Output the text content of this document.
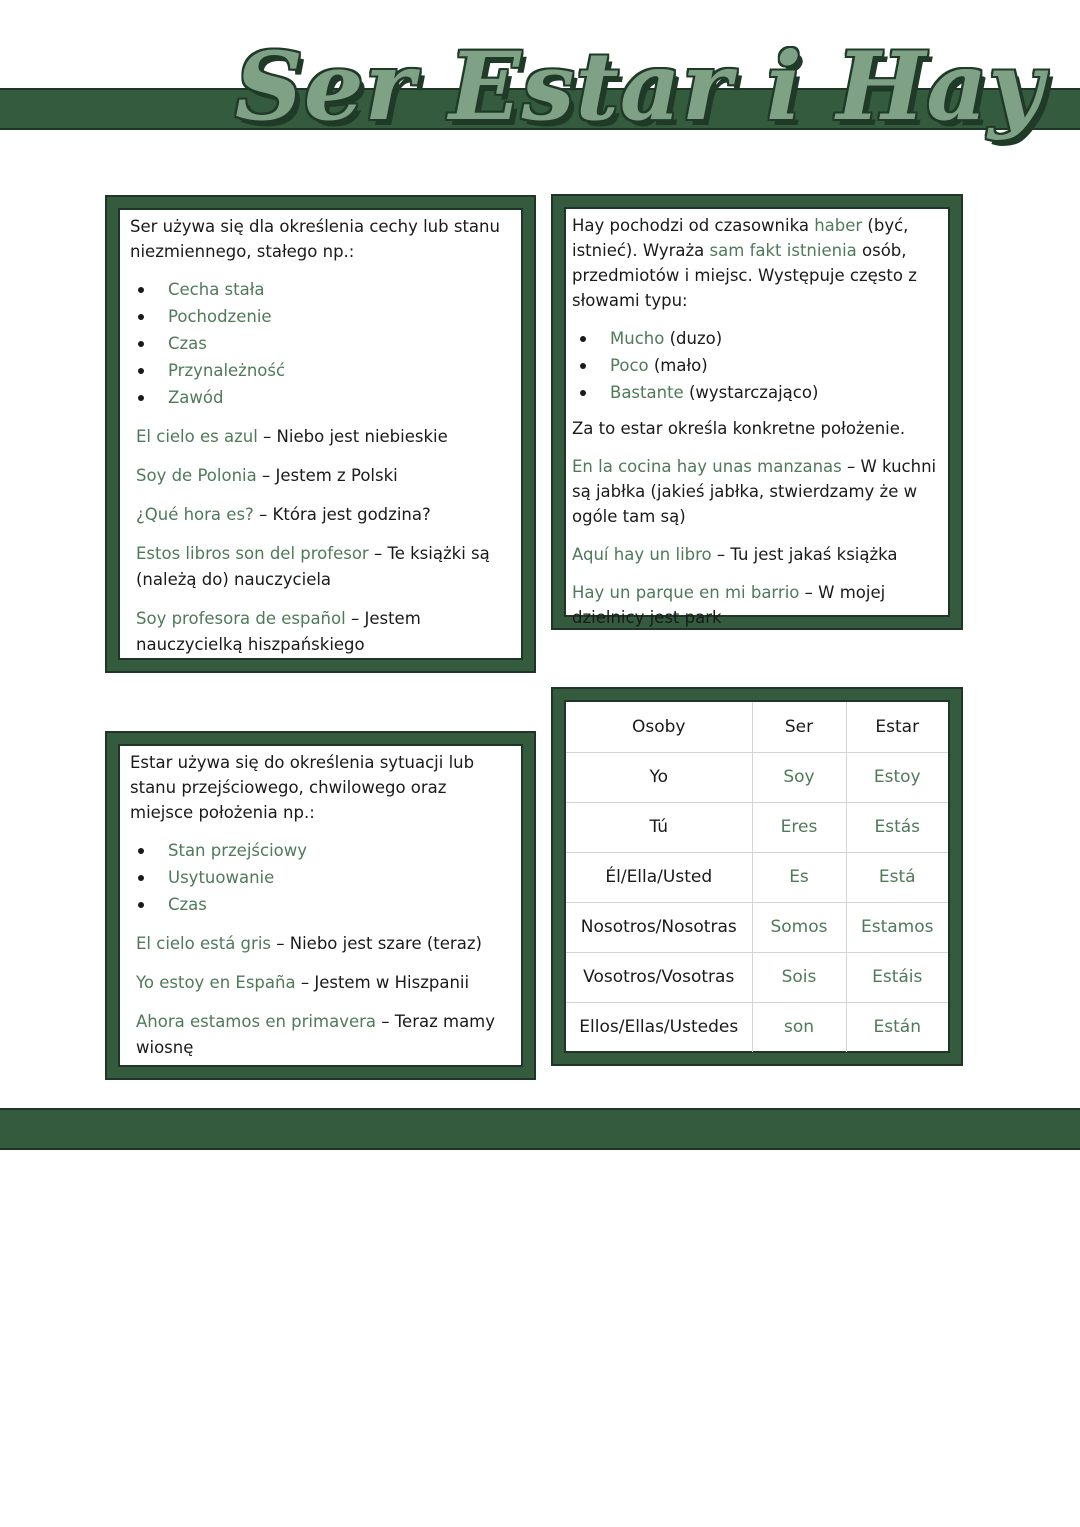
Ser Estar i Hay
Ser używa się dla określenia cechy lub stanu niezmiennego, stałego np.:
Cecha stała
Pochodzenie
Czas
Przynależność
Zawód
El cielo es azul – Niebo jest niebieskie
Soy de Polonia – Jestem z Polski
¿Qué hora es? – Która jest godzina?
Estos libros son del profesor – Te książki są (należą do) nauczyciela
Soy profesora de español – Jestem nauczycielką hiszpańskiego
Hay pochodzi od czasownika haber (być, istnieć). Wyraża sam fakt istnienia osób, przedmiotów i miejsc. Występuje często z słowami typu:
Mucho (duzo)
Poco (mało)
Bastante (wystarczająco)
Za to estar określa konkretne położenie.
En la cocina hay unas manzanas – W kuchni są jabłka (jakieś jabłka, stwierdzamy że w ogóle tam są)
Aquí hay un libro – Tu jest jakaś książka
Hay un parque en mi barrio – W mojej dzielnicy jest park
Estar używa się do określenia sytuacji lub stanu przejściowego, chwilowego oraz miejsce położenia np.:
Stan przejściowy
Usytuowanie
Czas
El cielo está gris – Niebo jest szare (teraz)
Yo estoy en España – Jestem w Hiszpanii
Ahora estamos en primavera – Teraz mamy wiosnę
Osoby	Ser	Estar
Yo	Soy	Estoy
Tú	Eres	Estás
Él/Ella/Usted	Es	Está
Nosotros/Nosotras	Somos	Estamos
Vosotros/Vosotras	Sois	Estáis
Ellos/Ellas/Ustedes	son	Están
